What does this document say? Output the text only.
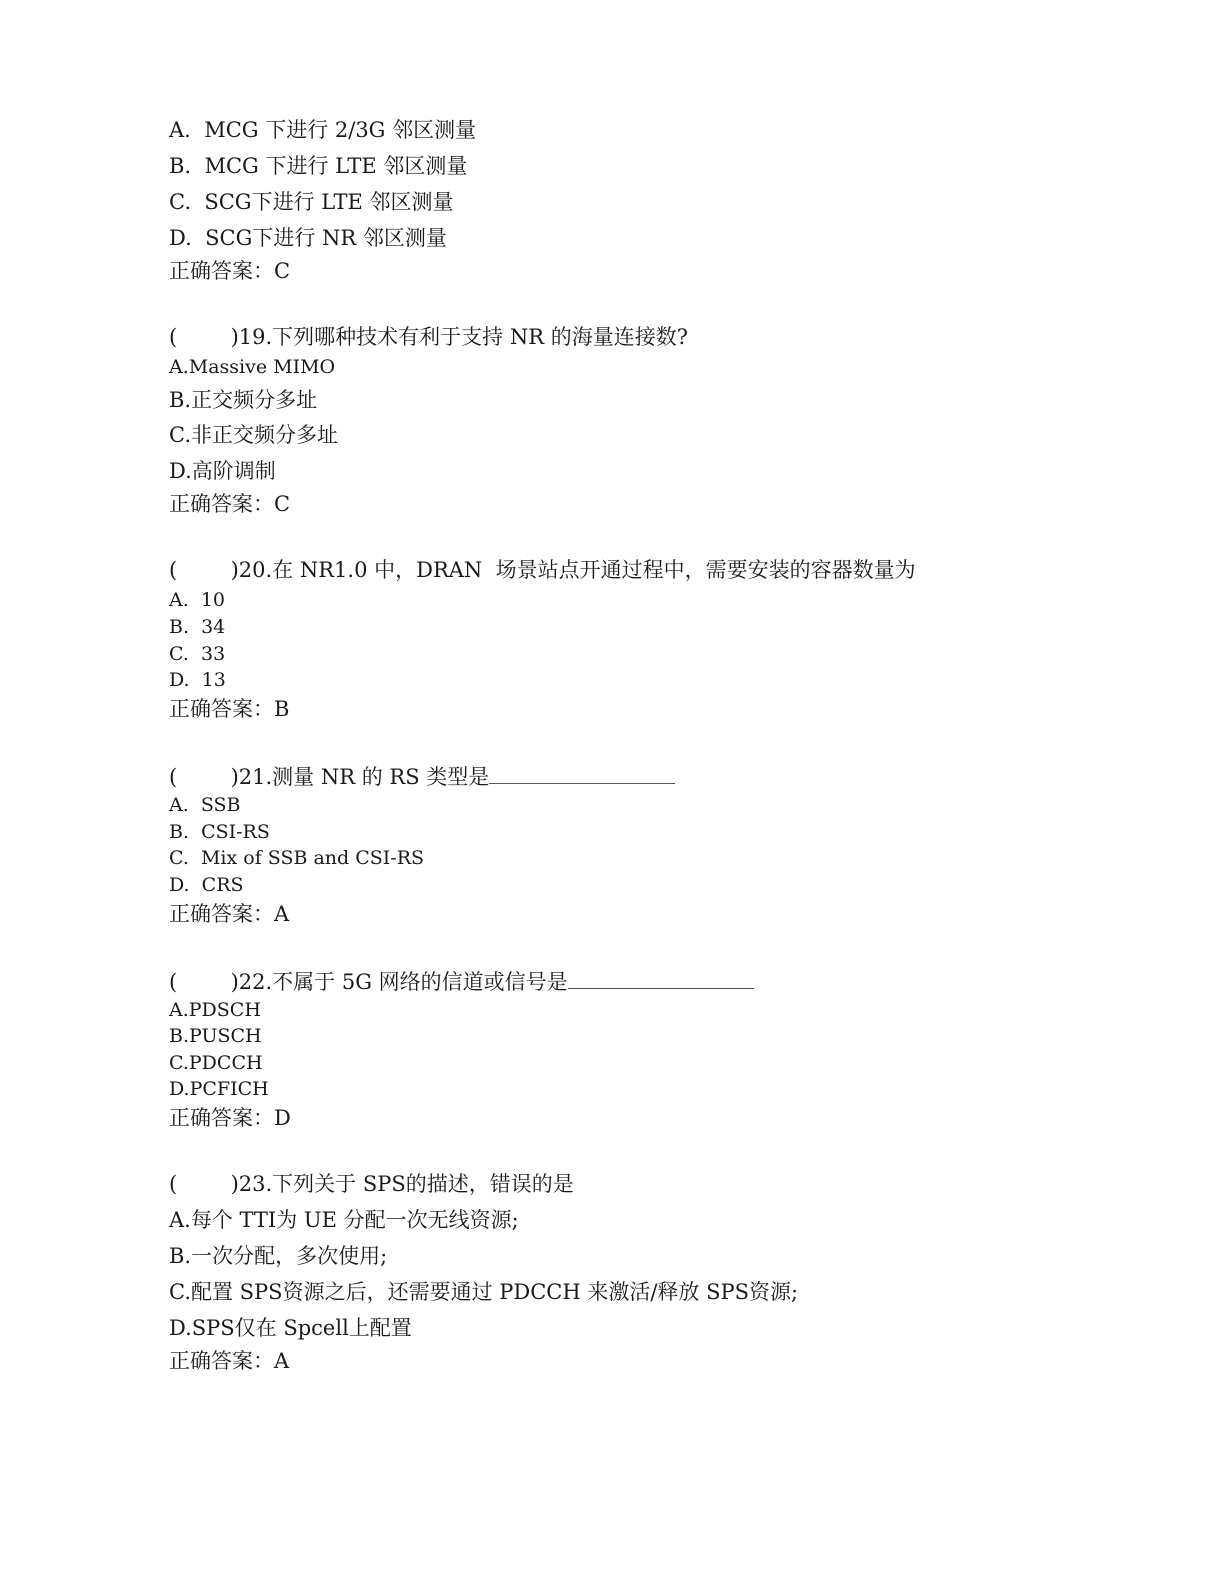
A.  MCG 下进行 2/3G 邻区测量
B.  MCG 下进行 LTE 邻区测量
C.  SCG下进行 LTE 邻区测量
D.  SCG下进行 NR 邻区测量
正确答案：C
(        )19.下列哪种技术有利于支持 NR 的海量连接数?
A.Massive MIMO
B.正交频分多址
C.非正交频分多址
D.高阶调制
正确答案：C
(        )20.在 NR1.0 中，DRAN  场景站点开通过程中，需要安装的容器数量为
A.  10
B.  34
C.  33
D.  13
正确答案：B
(        )21.测量 NR 的 RS 类型是
A.  SSB
B.  CSI-RS
C.  Mix of SSB and CSI-RS
D.  CRS
正确答案：A
(        )22.不属于 5G 网络的信道或信号是
A.PDSCH
B.PUSCH
C.PDCCH
D.PCFICH
正确答案：D
(        )23.下列关于 SPS的描述，错误的是
A.每个 TTI为 UE 分配一次无线资源;
B.一次分配，多次使用;
C.配置 SPS资源之后，还需要通过 PDCCH 来激活/释放 SPS资源;
D.SPS仅在 Spcell上配置
正确答案：A
